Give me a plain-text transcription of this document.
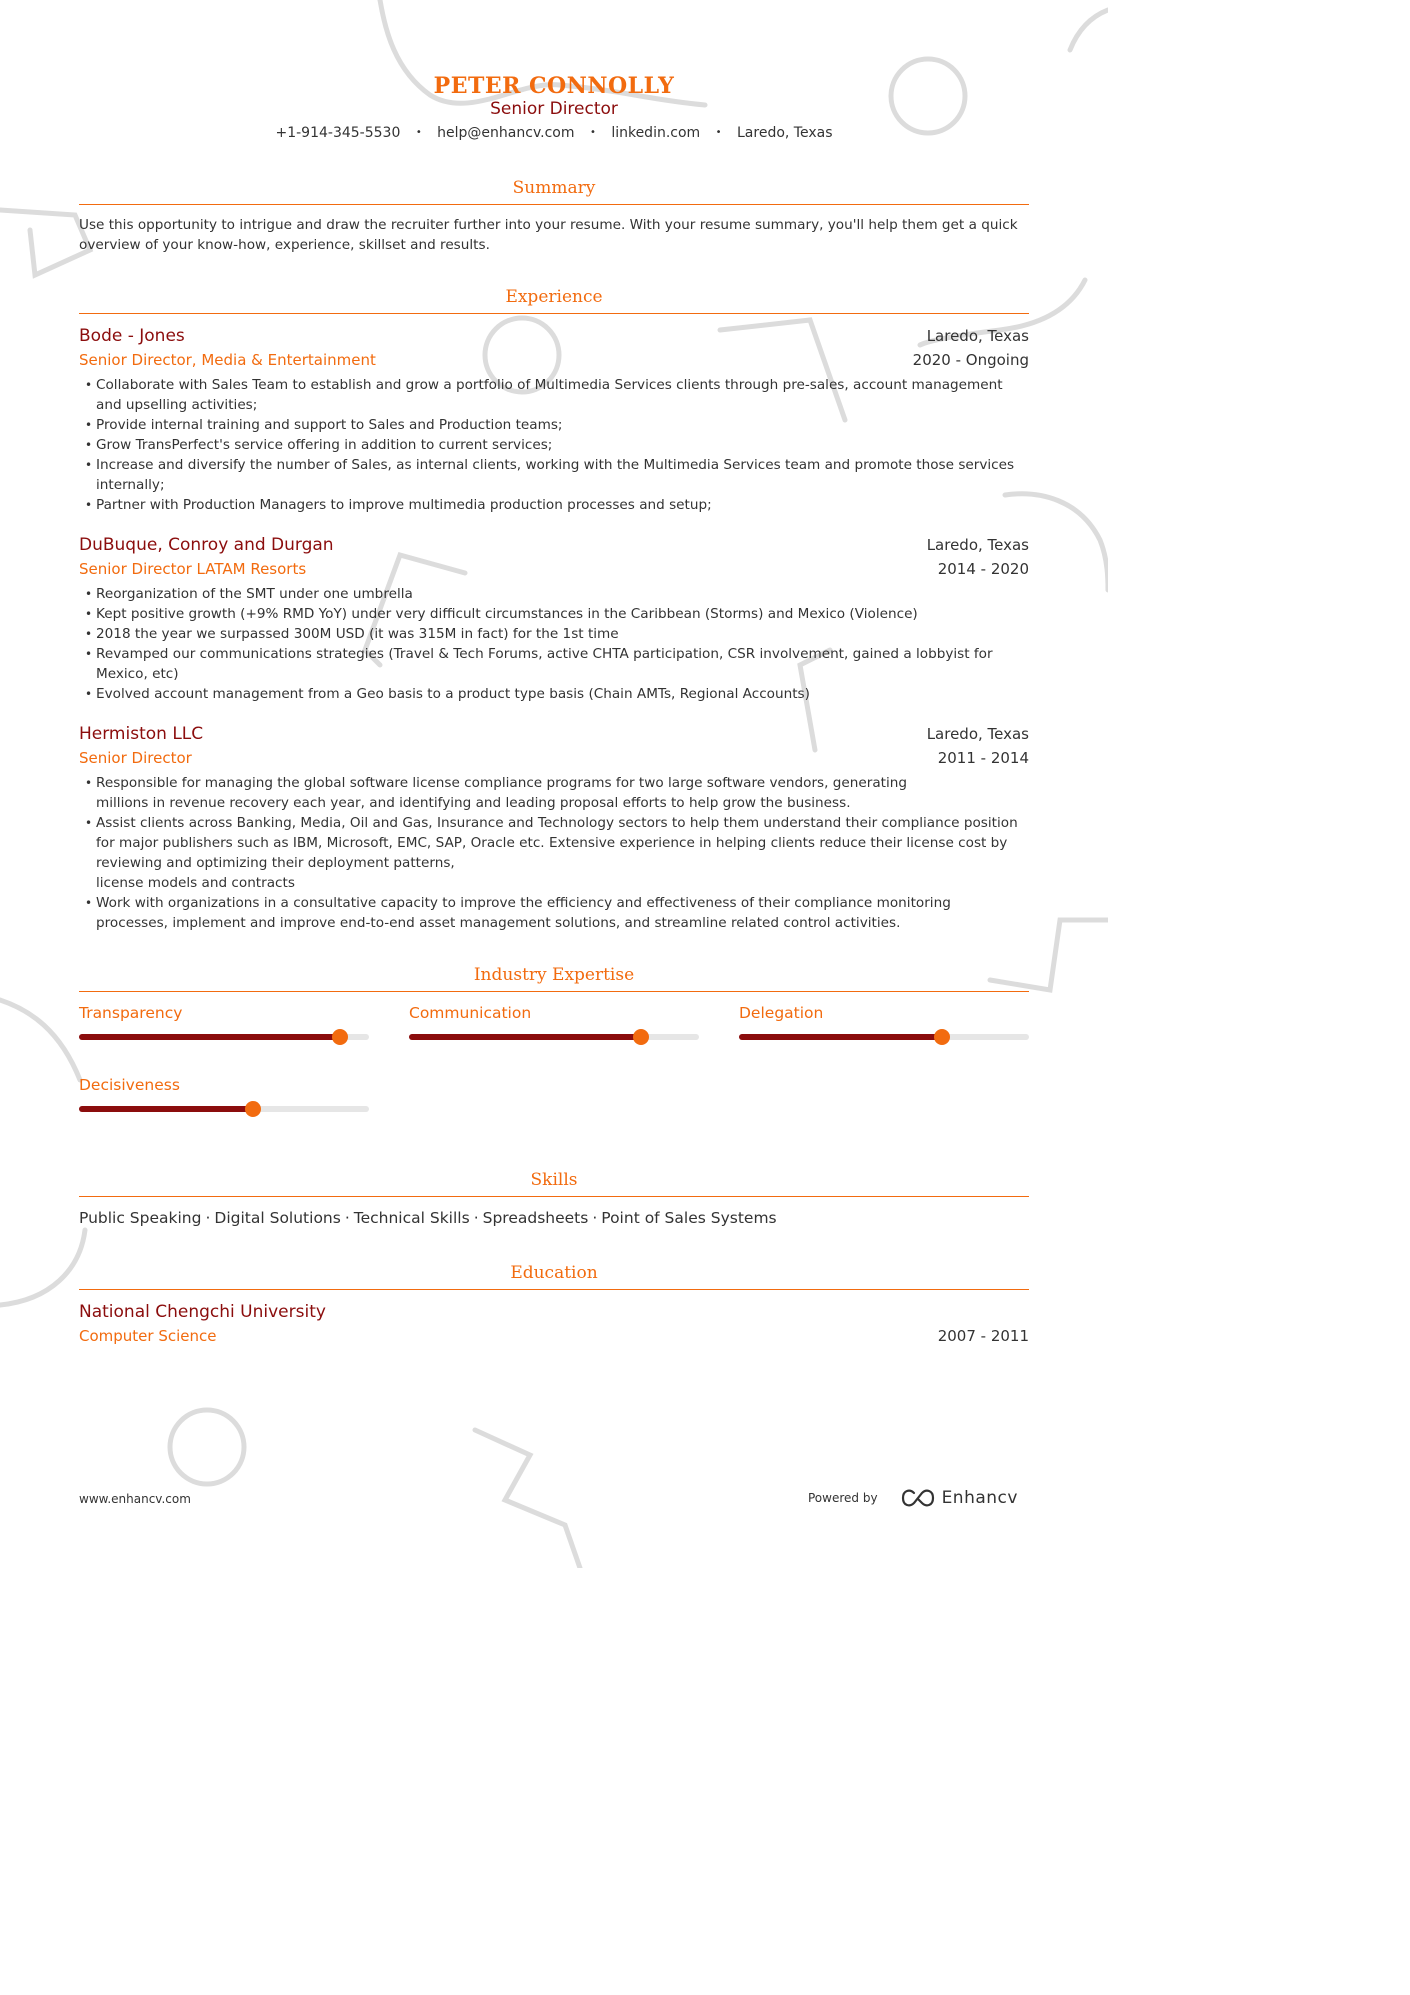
PETER CONNOLLY
Senior Director
+1-914-345-5530 • help@enhancv.com • linkedin.com • Laredo, Texas
Summary
Use this opportunity to intrigue and draw the recruiter further into your resume. With your resume summary, you'll help them get a quick overview of your know-how, experience, skillset and results.
Experience
Bode - Jones	Laredo, Texas
Senior Director, Media & Entertainment	2020 - Ongoing
• Collaborate with Sales Team to establish and grow a portfolio of Multimedia Services clients through pre-sales, account management and upselling activities;
• Provide internal training and support to Sales and Production teams;
• Grow TransPerfect's service offering in addition to current services;
• Increase and diversify the number of Sales, as internal clients, working with the Multimedia Services team and promote those services internally;
• Partner with Production Managers to improve multimedia production processes and setup;
DuBuque, Conroy and Durgan	Laredo, Texas
Senior Director LATAM Resorts	2014 - 2020
• Reorganization of the SMT under one umbrella
• Kept positive growth (+9% RMD YoY) under very difficult circumstances in the Caribbean (Storms) and Mexico (Violence)
• 2018 the year we surpassed 300M USD (it was 315M in fact) for the 1st time
• Revamped our communications strategies (Travel & Tech Forums, active CHTA participation, CSR involvement, gained a lobbyist for Mexico, etc)
• Evolved account management from a Geo basis to a product type basis (Chain AMTs, Regional Accounts)
Hermiston LLC	Laredo, Texas
Senior Director	2011 - 2014
• Responsible for managing the global software license compliance programs for two large software vendors, generating
millions in revenue recovery each year, and identifying and leading proposal efforts to help grow the business.
• Assist clients across Banking, Media, Oil and Gas, Insurance and Technology sectors to help them understand their compliance position for major publishers such as IBM, Microsoft, EMC, SAP, Oracle etc. Extensive experience in helping clients reduce their license cost by reviewing and optimizing their deployment patterns,
license models and contracts
• Work with organizations in a consultative capacity to improve the efficiency and effectiveness of their compliance monitoring
processes, implement and improve end-to-end asset management solutions, and streamline related control activities.
Industry Expertise
Transparency	Communication	Delegation
Decisiveness
Skills
Public Speaking · Digital Solutions · Technical Skills · Spreadsheets · Point of Sales Systems
Education
National Chengchi University
Computer Science	2007 - 2011
www.enhancv.com	Powered by	Enhancv
